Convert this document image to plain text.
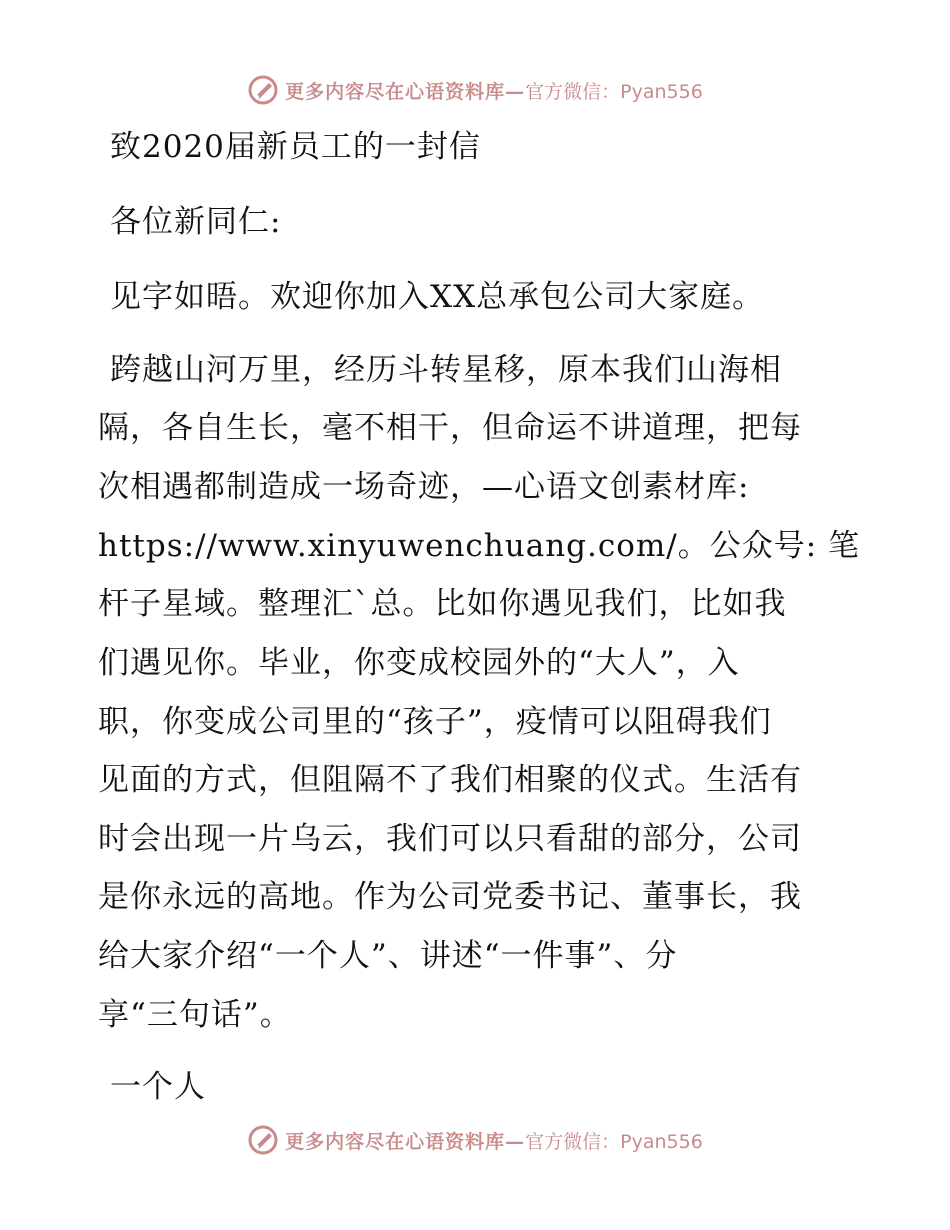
更多内容尽在心语资料库— 官方微信：Pyan556
致2020届新员工的一封信
各位新同仁:
见字如晤。欢迎你加入XX总承包公司大家庭。
跨越山河万里，经历斗转星移，原本我们山海相
隔，各自生长，毫不相干，但命运不讲道理，把每
次相遇都制造成一场奇迹，—心语文创素材库:
https://www.xinyuwenchuang.com/。公众号: 笔
杆子星域。整理汇`总。比如你遇见我们，比如我
们遇见你。毕业，你变成校园外的“大人”，入
职，你变成公司里的“孩子”，疫情可以阻碍我们
见面的方式，但阻隔不了我们相聚的仪式。生活有
时会出现一片乌云，我们可以只看甜的部分，公司
是你永远的高地。作为公司党委书记、董事长，我
给大家介绍“一个人”、讲述“一件事”、分
享“三句话”。
一个人
更多内容尽在心语资料库— 官方微信：Pyan556
